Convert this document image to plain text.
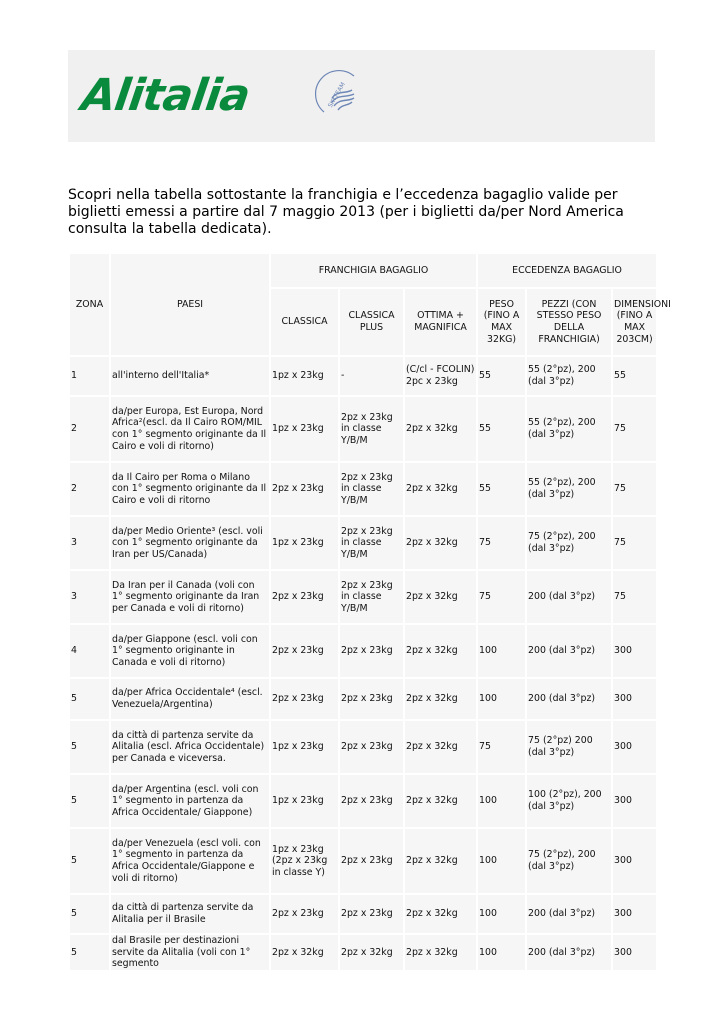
Alitalia	SKYTEAM
Scopri nella tabella sottostante la franchigia e l’eccedenza bagaglio valide per biglietti emessi a partire dal 7 maggio 2013 (per i biglietti da/per Nord America consulta la tabella dedicata).
ZONA	PAESI	FRANCHIGIA BAGAGLIO			ECCEDENZA BAGAGLIO		
		CLASSICA	CLASSICA PLUS	OTTIMA + MAGNIFICA	PESO (FINO A MAX 32KG)	PEZZI (CON STESSO PESO DELLA FRANCHIGIA)	DIMENSIONI (FINO A MAX 203CM)
1	all'interno dell'Italia*	1pz x 23kg	-	(C/cl - FCOLIN) 2pc x 23kg	55	55 (2°pz), 200 (dal 3°pz)	55
2	da/per Europa, Est Europa, Nord Africa²(escl. da Il Cairo ROM/MIL con 1° segmento originante da Il Cairo e voli di ritorno)	1pz x 23kg	2pz x 23kg in classe Y/B/M	2pz x 32kg	55	55 (2°pz), 200 (dal 3°pz)	75
2	da Il Cairo per Roma o Milano con 1° segmento originante da Il Cairo e voli di ritorno	2pz x 23kg	2pz x 23kg in classe Y/B/M	2pz x 32kg	55	55 (2°pz), 200 (dal 3°pz)	75
3	da/per Medio Oriente³ (escl. voli con 1° segmento originante da Iran per US/Canada)	1pz x 23kg	2pz x 23kg in classe Y/B/M	2pz x 32kg	75	75 (2°pz), 200 (dal 3°pz)	75
3	Da Iran per il Canada (voli con 1° segmento originante da Iran per Canada e voli di ritorno)	2pz x 23kg	2pz x 23kg in classe Y/B/M	2pz x 32kg	75	200 (dal 3°pz)	75
4	da/per Giappone (escl. voli con 1° segmento originante in Canada e voli di ritorno)	2pz x 23kg	2pz x 23kg	2pz x 32kg	100	200 (dal 3°pz)	300
5	da/per Africa Occidentale⁴ (escl. Venezuela/Argentina)	2pz x 23kg	2pz x 23kg	2pz x 32kg	100	200 (dal 3°pz)	300
5	da città di partenza servite da Alitalia (escl. Africa Occidentale) per Canada e viceversa.	1pz x 23kg	2pz x 23kg	2pz x 32kg	75	75 (2°pz) 200 (dal 3°pz)	300
5	da/per Argentina (escl. voli con 1° segmento in partenza da Africa Occidentale/ Giappone)	1pz x 23kg	2pz x 23kg	2pz x 32kg	100	100 (2°pz), 200 (dal 3°pz)	300
5	da/per Venezuela (escl voli. con 1° segmento in partenza da Africa Occidentale/Giappone e voli di ritorno)	1pz x 23kg (2pz x 23kg in classe Y)	2pz x 23kg	2pz x 32kg	100	75 (2°pz), 200 (dal 3°pz)	300
5	da città di partenza servite da Alitalia per il Brasile	2pz x 23kg	2pz x 23kg	2pz x 32kg	100	200 (dal 3°pz)	300
5	dal Brasile per destinazioni servite da Alitalia (voli con 1° segmento	2pz x 32kg	2pz x 32kg	2pz x 32kg	100	200 (dal 3°pz)	300
